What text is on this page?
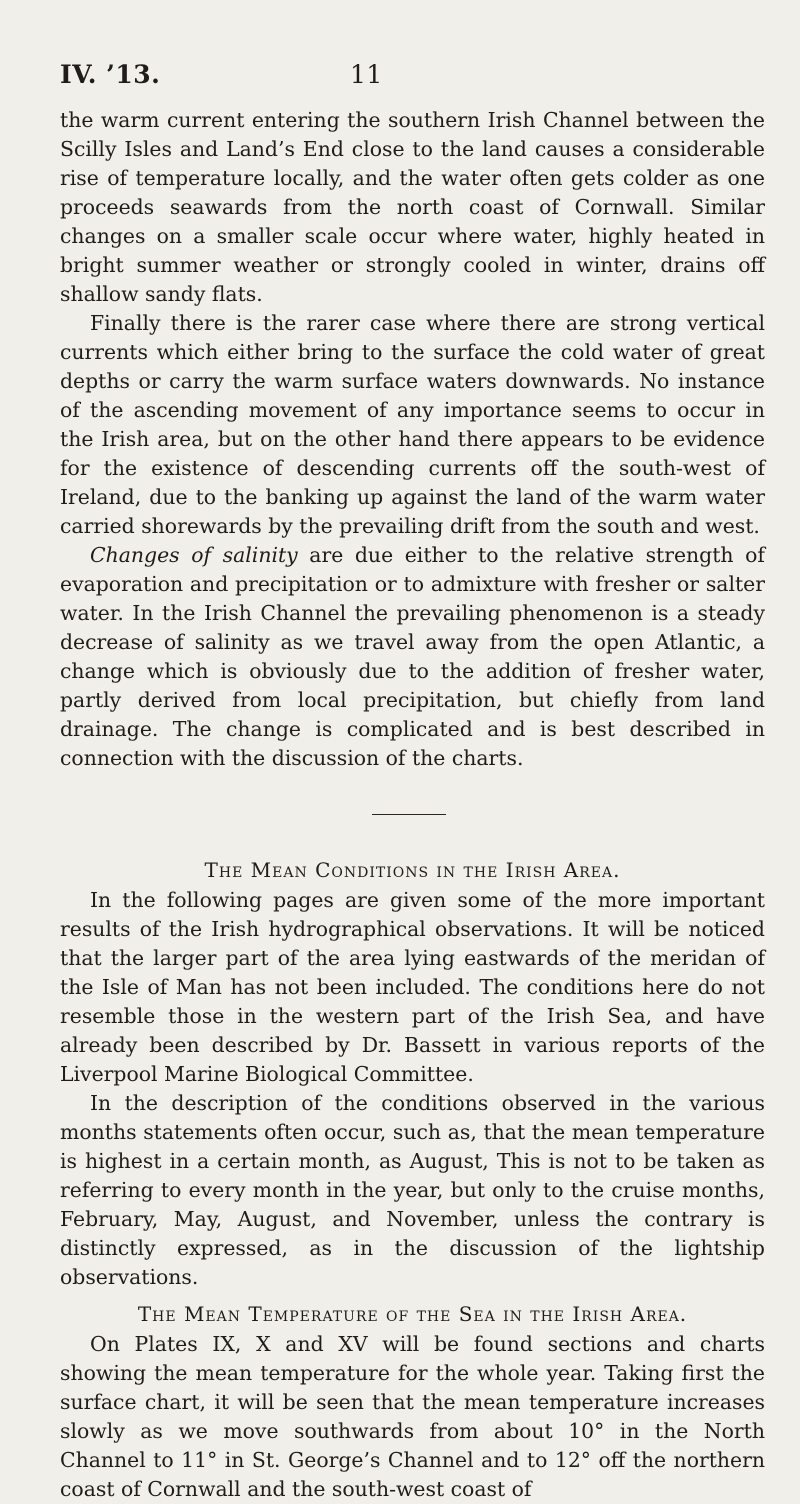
IV. ’13.	11

the warm current entering the southern Irish Channel between the Scilly Isles and Land’s End close to the land causes a considerable rise of temperature locally, and the water often gets colder as one proceeds seawards from the north coast of Cornwall. Similar changes on a smaller scale occur where water, highly heated in bright summer weather or strongly cooled in winter, drains off shallow sandy flats.

Finally there is the rarer case where there are strong vertical currents which either bring to the surface the cold water of great depths or carry the warm surface waters downwards. No instance of the ascending movement of any importance seems to occur in the Irish area, but on the other hand there appears to be evidence for the existence of descending currents off the south-west of Ireland, due to the banking up against the land of the warm water carried shorewards by the prevailing drift from the south and west.

Changes of salinity are due either to the relative strength of evaporation and precipitation or to admixture with fresher or salter water. In the Irish Channel the prevailing phenomenon is a steady decrease of salinity as we travel away from the open Atlantic, a change which is obviously due to the addition of fresher water, partly derived from local precipitation, but chiefly from land drainage. The change is complicated and is best described in connection with the discussion of the charts.

The Mean Conditions in the Irish Area.

In the following pages are given some of the more important results of the Irish hydrographical observations. It will be noticed that the larger part of the area lying eastwards of the meridan of the Isle of Man has not been included. The conditions here do not resemble those in the western part of the Irish Sea, and have already been described by Dr. Bassett in various reports of the Liverpool Marine Biological Committee.

In the description of the conditions observed in the various months statements often occur, such as, that the mean temperature is highest in a certain month, as August, This is not to be taken as referring to every month in the year, but only to the cruise months, February, May, August, and November, unless the contrary is distinctly expressed, as in the discussion of the lightship observations.

The Mean Temperature of the Sea in the Irish Area.

On Plates IX, X and XV will be found sections and charts showing the mean temperature for the whole year. Taking first the surface chart, it will be seen that the mean temperature increases slowly as we move southwards from about 10° in the North Channel to 11° in St. George’s Channel and to 12° off the northern coast of Cornwall and the south-west coast of
